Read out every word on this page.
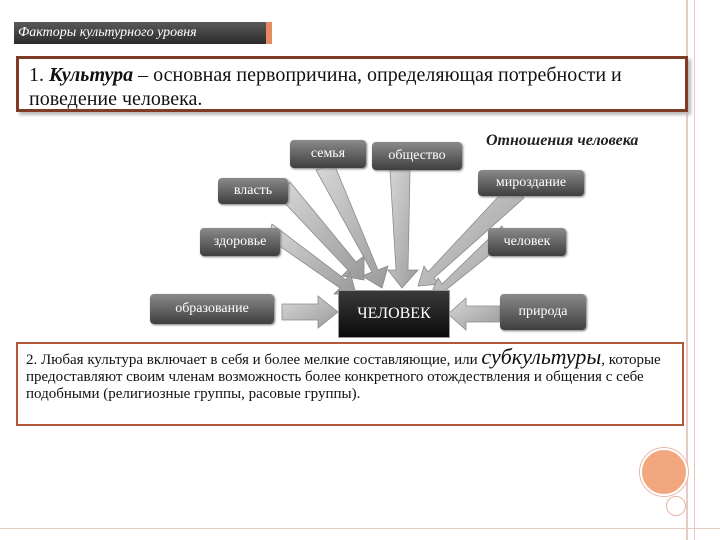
Факторы культурного уровня
1. Культура – основная первопричина, определяющая потребности и поведение человека.
семья	общество
Отношения человека
власть
мироздание
здоровье	человек
образование	природа
ЧЕЛОВЕК
2. Любая культура включает в себя и более мелкие составляющие, или субкультуры, которые предоставляют своим членам возможность более конкретного отождествления и общения с себе подобными (религиозные группы, расовые группы).
